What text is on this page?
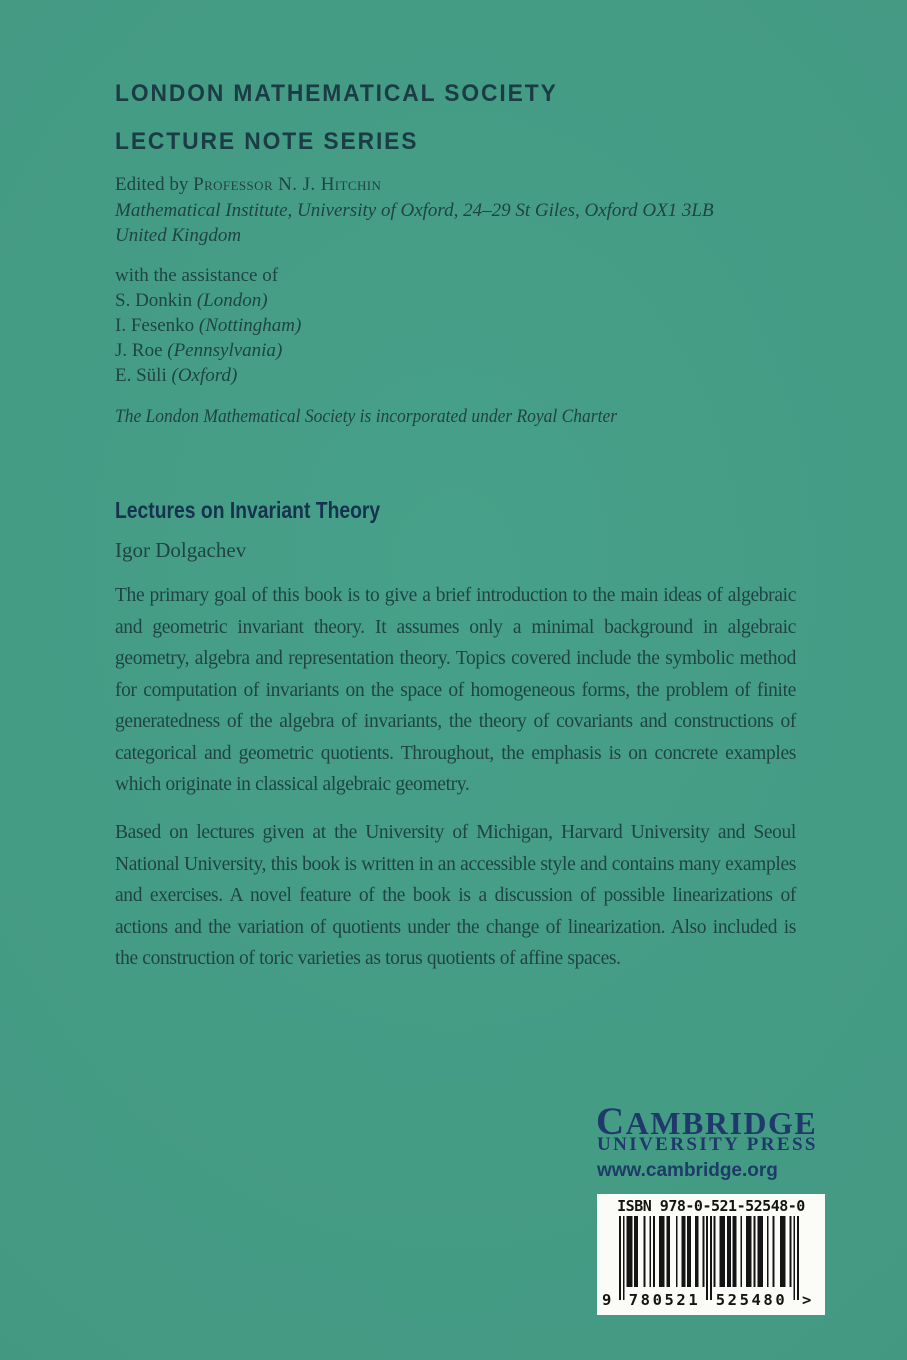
LONDON MATHEMATICAL SOCIETY
LECTURE NOTE SERIES
Edited by Professor N. J. Hitchin
Mathematical Institute, University of Oxford, 24–29 St Giles, Oxford OX1 3LB
United Kingdom
with the assistance of
S. Donkin ( London )
I. Fesenko ( Nottingham )
J. Roe ( Pennsylvania )
E. Süli ( Oxford )
The London Mathematical Society is incorporated under Royal Charter
Lectures on Invariant Theory
Igor Dolgachev

The primary goal of this book is to give a brief introduction to the main ideas of algebraic and geometric invariant theory. It assumes only a minimal background in algebraic geometry, algebra and representation theory. Topics covered include the symbolic method for computation of invariants on the space of homogeneous forms, the problem of finite generatedness of the algebra of invariants, the theory of covariants and constructions of categorical and geometric quotients. Throughout, the emphasis is on concrete examples which originate in classical algebraic geometry.

Based on lectures given at the University of Michigan, Harvard University and Seoul National University, this book is written in an accessible style and contains many examples and exercises. A novel feature of the book is a discussion of possible linearizations of actions and the variation of quotients under the change of linearization. Also included is the construction of toric varieties as torus quotients of affine spaces.

CAMBRIDGE
UNIVERSITY PRESS
www.cambridge.org
ISBN 978-0-521-52548-0
9 780521 525480 >
